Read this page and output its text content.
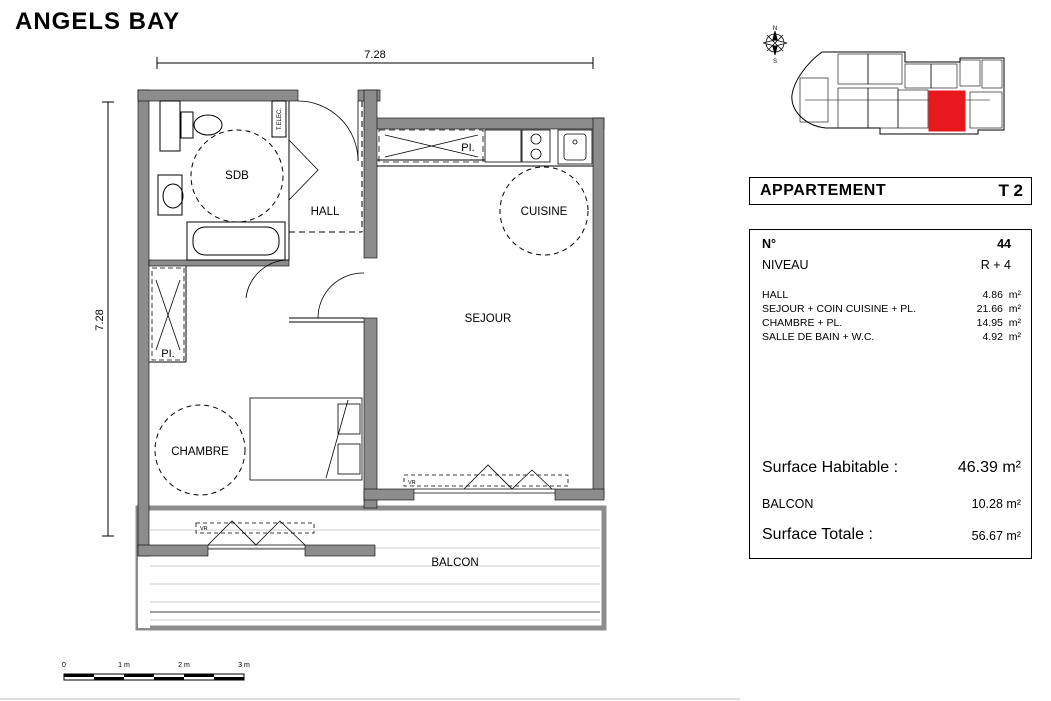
ANGELS BAY
7.28
7.28
T.ELEC.
SDB
HALL
PI.
PI.
CUISINE
SEJOUR
CHAMBRE
VR
VR
BALCON
0	1 m	2 m	3 m
N
S
APPARTEMENT	T 2
N°	44
NIVEAU	R + 4
HALL	4.86 m²
SEJOUR + COIN CUISINE + PL.	21.66 m²
CHAMBRE + PL.	14.95 m²
SALLE DE BAIN + W.C.	4.92 m²
Surface Habitable :	46.39 m²
BALCON	10.28 m²
Surface Totale :	56.67 m²
